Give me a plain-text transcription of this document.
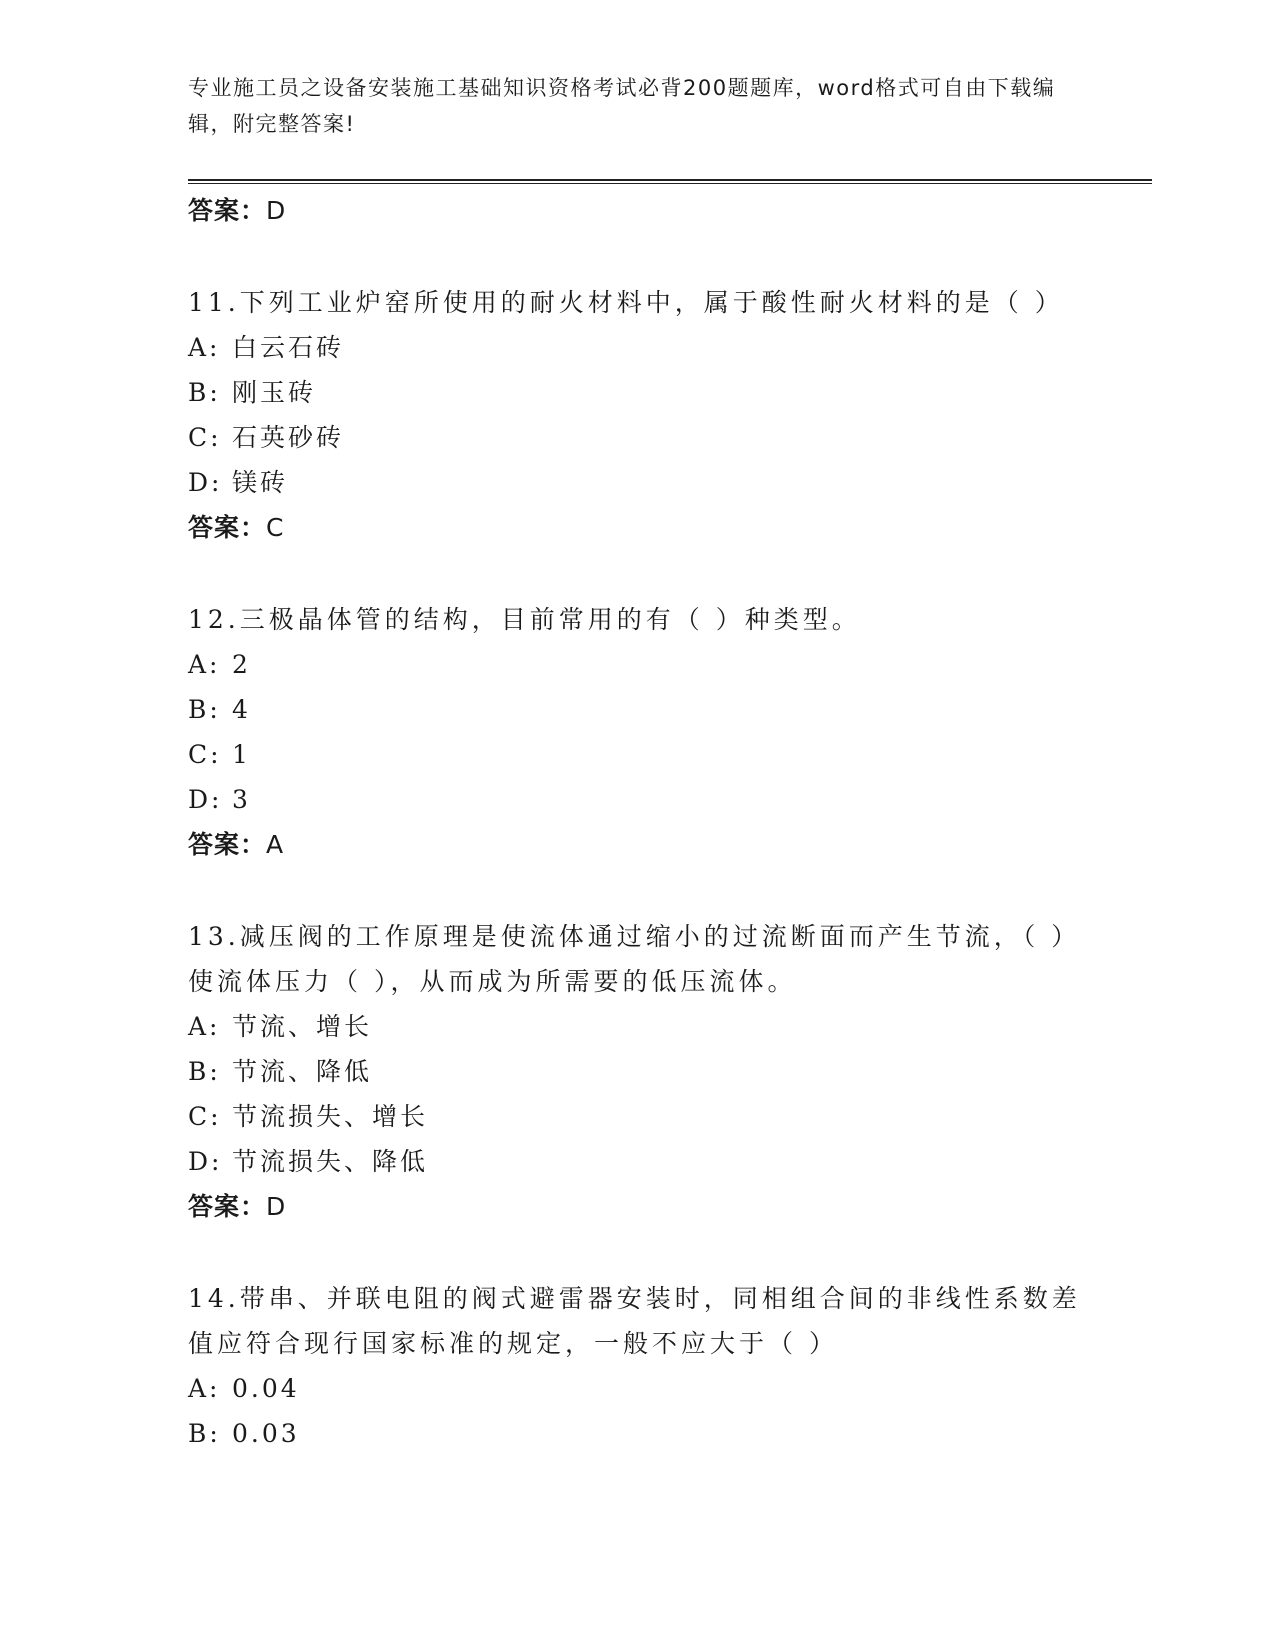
专业施工员之设备安装施工基础知识资格考试必背200题题库，word格式可自由下载编辑，附完整答案!
答案：D
11.下列工业炉窑所使用的耐火材料中，属于酸性耐火材料的是（ ）
A: 白云石砖
B: 刚玉砖
C: 石英砂砖
D: 镁砖
答案：C
12.三极晶体管的结构，目前常用的有（ ）种类型。
A: 2
B: 4
C: 1
D: 3
答案：A
13.减压阀的工作原理是使流体通过缩小的过流断面而产生节流，（ ）使流体压力（ ），从而成为所需要的低压流体。
A: 节流、增长
B: 节流、降低
C: 节流损失、增长
D: 节流损失、降低
答案：D
14.带串、并联电阻的阀式避雷器安装时，同相组合间的非线性系数差值应符合现行国家标准的规定，一般不应大于（ ）
A: 0.04
B: 0.03
